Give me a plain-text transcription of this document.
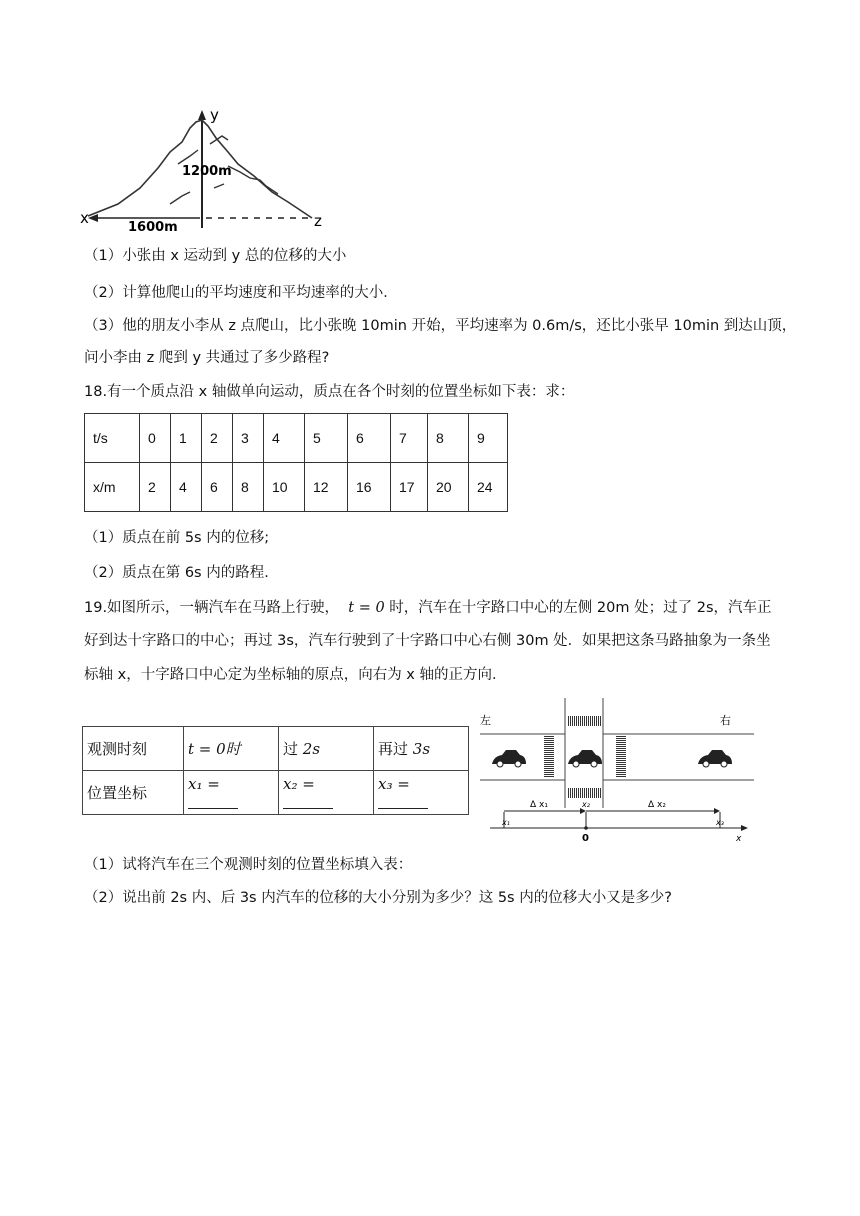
y
1200m
x	z
1600m
（1）小张由 x 运动到 y 总的位移的大小
（2）计算他爬山的平均速度和平均速率的大小．
（3）他的朋友小李从 z 点爬山，比小张晚 10min 开始，平均速率为 0.6m/s，还比小张早 10min 到达山顶，
问小李由 z 爬到 y 共通过了多少路程?
18.有一个质点沿 x 轴做单向运动，质点在各个时刻的位置坐标如下表：求：
t/s	0	1	2	3	4	5	6	7	8	9
x/m	2	4	6	8	10	12	16	17	20	24
（1）质点在前 5s 内的位移;
（2）质点在第 6s 内的路程.
19.如图所示，一辆汽车在马路上行驶， t = 0 时，汽车在十字路口中心的左侧 20m 处；过了 2s，汽车正
好到达十字路口的中心；再过 3s，汽车行驶到了十字路口中心右侧 30m 处．如果把这条马路抽象为一条坐
标轴 x，十字路口中心定为坐标轴的原点，向右为 x 轴的正方向．
观测时刻	t = 0时	过 2s	再过 3s
位置坐标	x₁ =	x₂ =	x₃ =
左	右
Δ x₁	x₂	Δ x₂
x₁
0
x₃
x
（1）试将汽车在三个观测时刻的位置坐标填入表：
（2）说出前 2s 内、后 3s 内汽车的位移的大小分别为多少？这 5s 内的位移大小又是多少?
